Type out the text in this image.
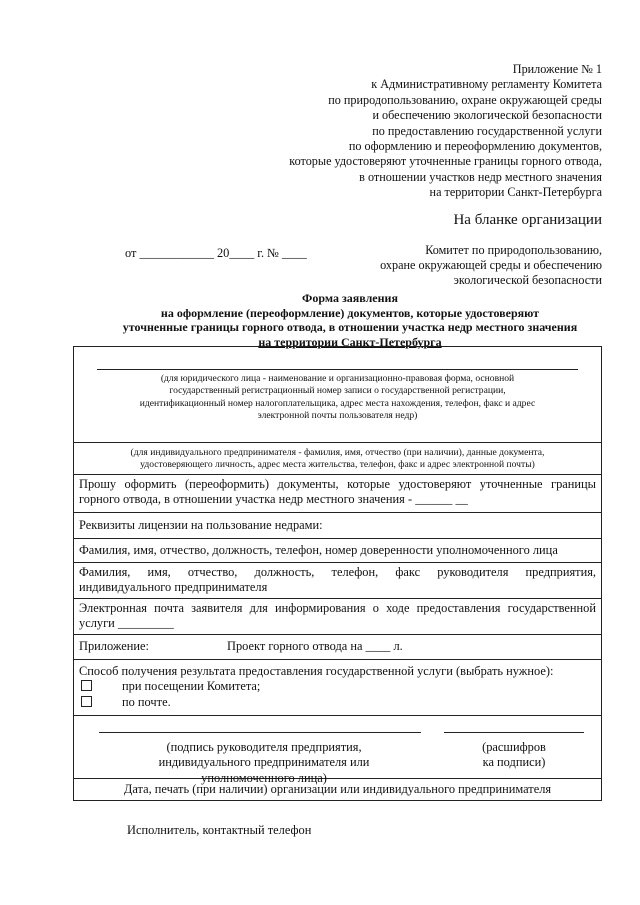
Приложение № 1
к Административному регламенту Комитета
по природопользованию, охране окружающей среды
и обеспечению экологической безопасности
по предоставлению государственной услуги
по оформлению и переоформлению документов,
которые удостоверяют уточненные границы горного отвода,
в отношении участков недр местного значения
на территории Санкт-Петербурга
На бланке организации
от ____________ 20____ г. № ____	Комитет по природопользованию,
охране окружающей среды и обеспечению
экологической безопасности
Форма заявления
на оформление (переоформление) документов, которые удостоверяют
уточненные границы горного отвода, в отношении участка недр местного значения
на территории Санкт-Петербурга
(для юридического лица - наименование и организационно-правовая форма, основной
государственный регистрационный номер записи о государственной регистрации,
идентификационный номер налогоплательщика, адрес места нахождения, телефон, факс и адрес
электронной почты пользователя недр)

(для индивидуального предпринимателя - фамилия, имя, отчество (при наличии), данные документа,
удостоверяющего личность, адрес места жительства, телефон, факс и адрес электронной почты)

Прошу оформить (переоформить) документы, которые удостоверяют уточненные границы
горного отвода, в отношении участка недр местного значения - ______ __

Реквизиты лицензии на пользование недрами:

Фамилия, имя, отчество, должность, телефон, номер доверенности уполномоченного лица

Фамилия, имя, отчество, должность, телефон, факс руководителя предприятия,
индивидуального предпринимателя

Электронная почта заявителя для информирования о ходе предоставления государственной
услуги _________

Приложение:	Проект горного отвода на ____ л.

Способ получения результата предоставления государственной услуги (выбрать нужное):
при посещении Комитета;
по почте.

(подпись руководителя предприятия,
индивидуального предпринимателя или
уполномоченного лица)
(расшифров
ка подписи)

Дата, печать (при наличии) организации или индивидуального предпринимателя
Исполнитель, контактный телефон
